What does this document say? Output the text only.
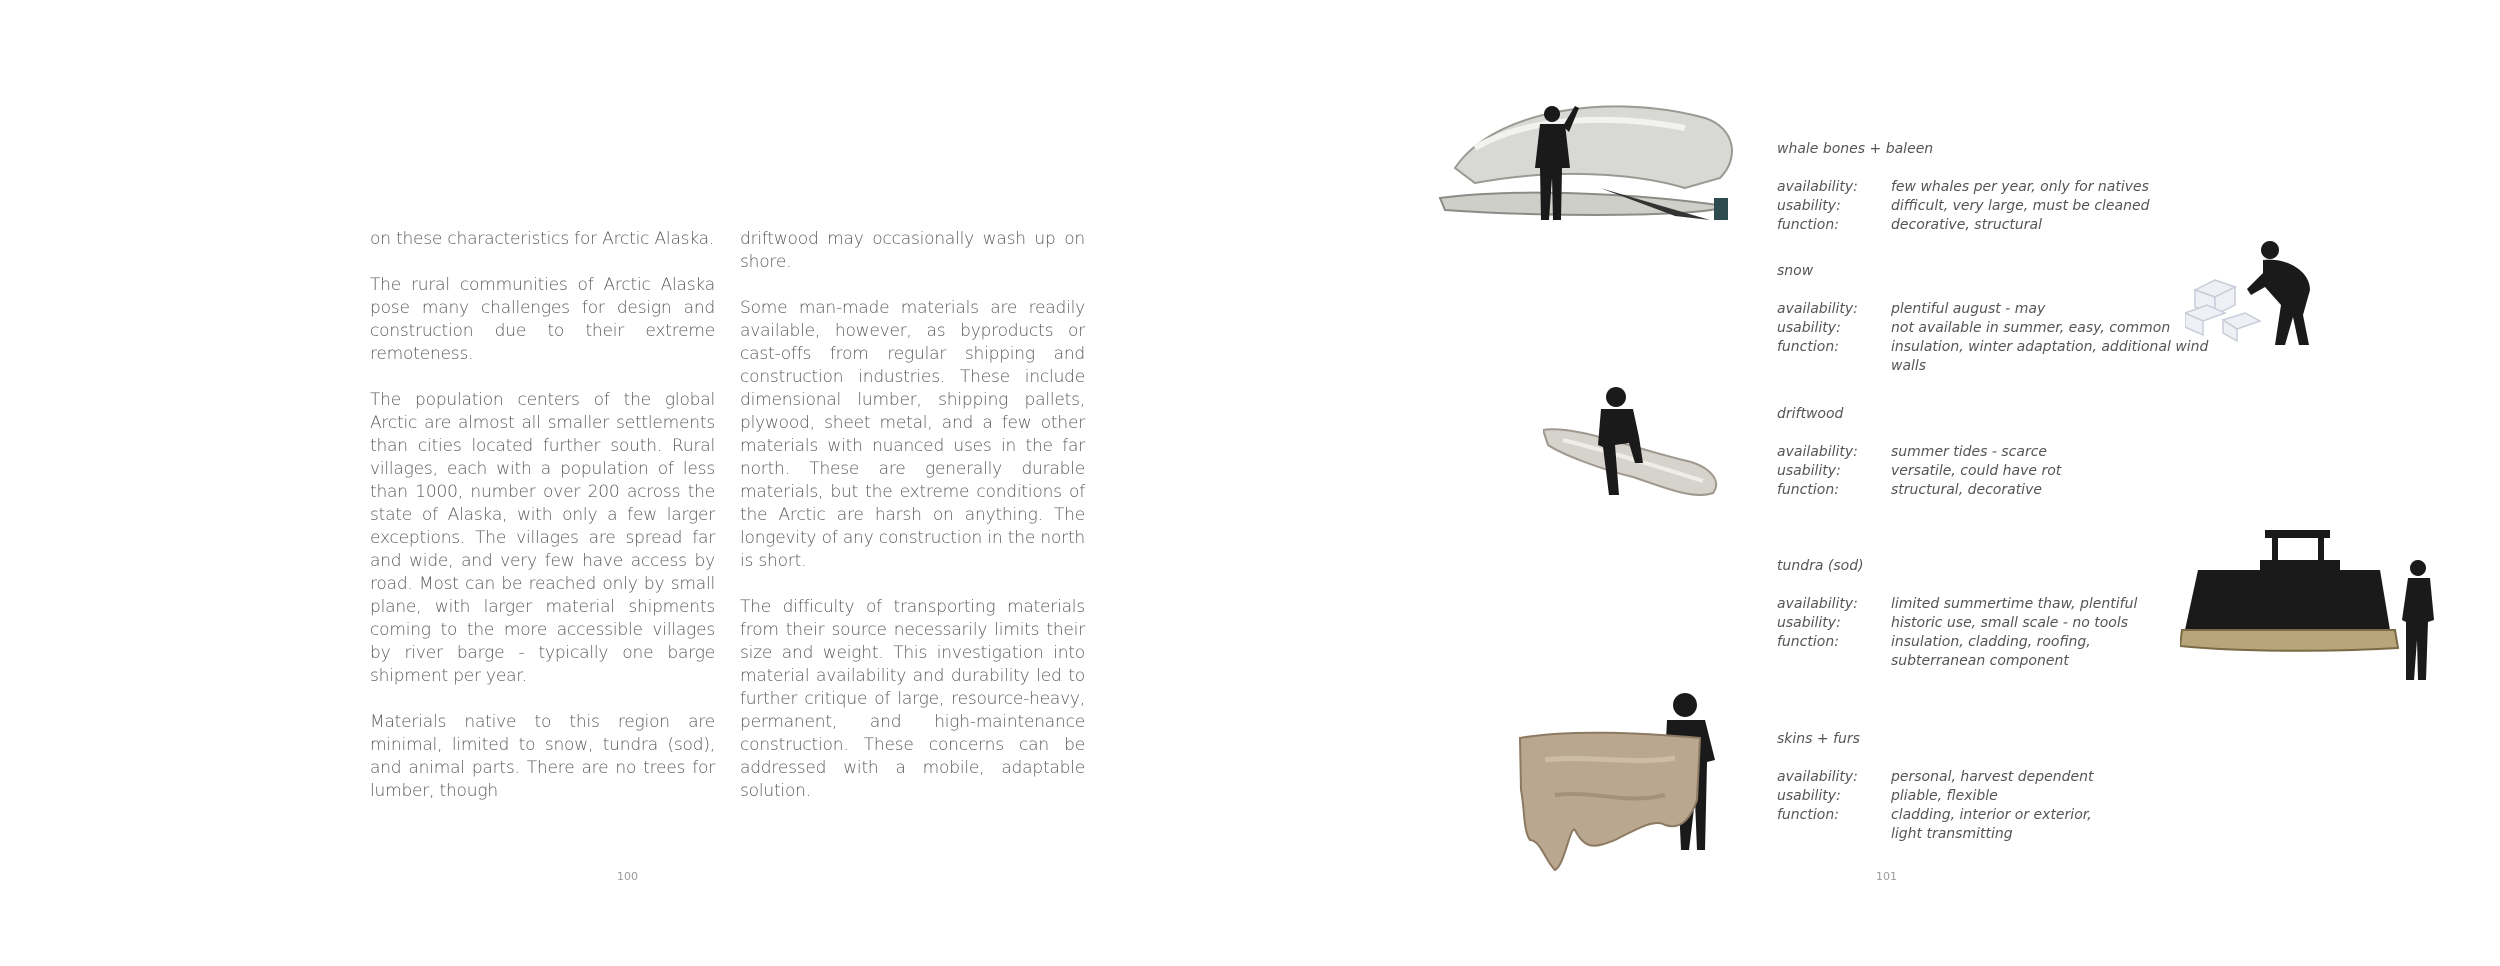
on these characteristics for Arctic Alaska.

The rural communities of Arctic Alaska pose many challenges for design and construction due to their extreme remoteness.

The population centers of the global Arctic are almost all smaller settlements than cities located further south. Rural villages, each with a population of less than 1000, number over 200 across the state of Alaska, with only a few larger exceptions. The villages are spread far and wide, and very few have access by road. Most can be reached only by small plane, with larger material shipments coming to the more accessible villages by river barge - typically one barge shipment per year.

Materials native to this region are minimal, limited to snow, tundra (sod), and animal parts. There are no trees for lumber, though

driftwood may occasionally wash up on shore.

Some man-made materials are readily available, however, as byproducts or cast-offs from regular shipping and construction industries. These include dimensional lumber, shipping pallets, plywood, sheet metal, and a few other materials with nuanced uses in the far north. These are generally durable materials, but the extreme conditions of the Arctic are harsh on anything. The longevity of any construction in the north is short.

The difficulty of transporting materials from their source necessarily limits their size and weight. This investigation into material availability and durability led to further critique of large, resource-heavy, permanent, and high-maintenance construction. These concerns can be addressed with a mobile, adaptable solution.

100
whale bones + baleen
availability:	few whales per year, only for natives
usability:	difficult, very large, must be cleaned
function:	decorative, structural
snow
availability:	plentiful august - may
usability:	not available in summer, easy, common
function:	insulation, winter adaptation, additional wind walls
driftwood
availability:	summer tides - scarce
usability:	versatile, could have rot
function:	structural, decorative
tundra (sod)
availability:	limited summertime thaw, plentiful
usability:	historic use, small scale - no tools
function:	insulation, cladding, roofing, subterranean component
skins + furs
availability:	personal, harvest dependent
usability:	pliable, flexible
function:	cladding, interior or exterior, light transmitting
101
